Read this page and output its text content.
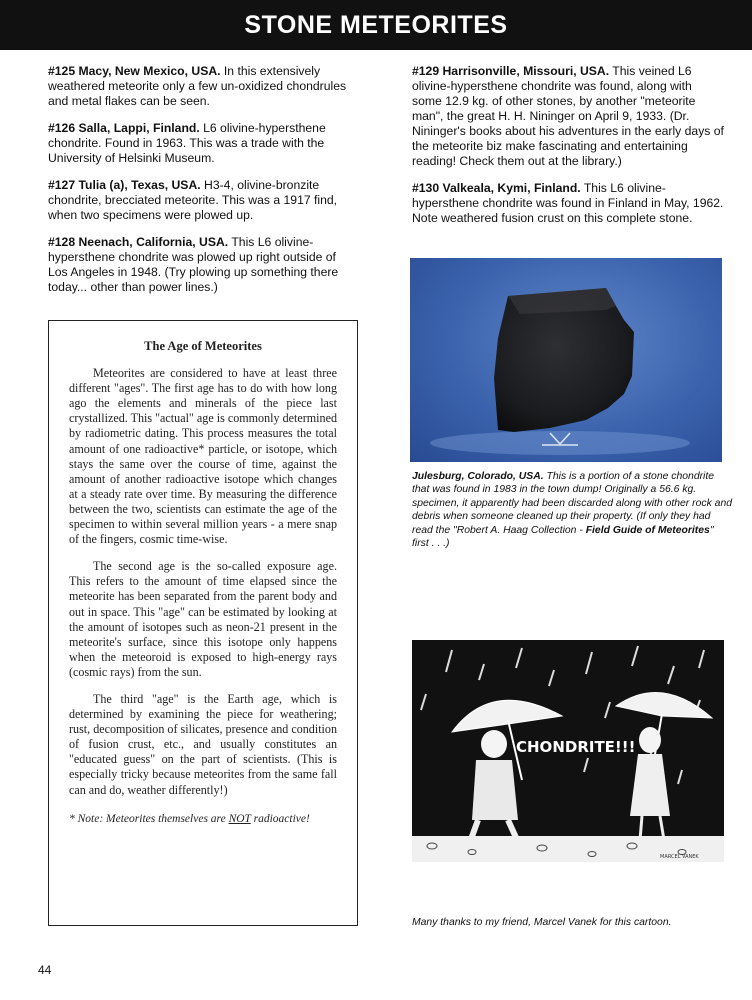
STONE METEORITES

#125 Macy, New Mexico, USA. In this extensively weathered meteorite only a few un-oxidized chondrules and metal flakes can be seen.

#126 Salla, Lappi, Finland. L6 olivine-hypersthene chondrite. Found in 1963. This was a trade with the University of Helsinki Museum.

#127 Tulia (a), Texas, USA. H3-4, olivine-bronzite chondrite, brecciated meteorite. This was a 1917 find, when two specimens were plowed up.

#128 Neenach, California, USA. This L6 olivine-hypersthene chondrite was plowed up right outside of Los Angeles in 1948. (Try plowing up something there today... other than power lines.)

#129 Harrisonville, Missouri, USA. This veined L6 olivine-hypersthene chondrite was found, along with some 12.9 kg. of other stones, by another "meteorite man", the great H. H. Nininger on April 9, 1933. (Dr. Nininger's books about his adventures in the early days of the meteorite biz make fascinating and entertaining reading! Check them out at the library.)

#130 Valkeala, Kymi, Finland. This L6 olivine-hypersthene chondrite was found in Finland in May, 1962. Note weathered fusion crust on this complete stone.

The Age of Meteorites

Meteorites are considered to have at least three different "ages". The first age has to do with how long ago the elements and minerals of the piece last crystallized. This "actual" age is commonly determined by radiometric dating. This process measures the total amount of one radioactive* particle, or isotope, which stays the same over the course of time, against the amount of another radioactive isotope which changes at a steady rate over time. By measuring the difference between the two, scientists can estimate the age of the specimen to within several million years - a mere snap of the fingers, cosmic time-wise.

The second age is the so-called exposure age. This refers to the amount of time elapsed since the meteorite has been separated from the parent body and out in space. This "age" can be estimated by looking at the amount of isotopes such as neon-21 present in the meteorite's surface, since this isotope only happens when the meteoroid is exposed to high-energy rays (cosmic rays) from the sun.

The third "age" is the Earth age, which is determined by examining the piece for weathering; rust, decomposition of silicates, presence and condition of fusion crust, etc., and usually constitutes an "educated guess" on the part of scientists. (This is especially tricky because meteorites from the same fall can and do, weather differently!)

* Note: Meteorites themselves are NOT radioactive!

Julesburg, Colorado, USA. This is a portion of a stone chondrite that was found in 1983 in the town dump! Originally a 56.6 kg. specimen, it apparently had been discarded along with other rock and debris when someone cleaned up their property. (If only they had read the "Robert A. Haag Collection - Field Guide of Meteorites" first . . .)
CHONDRITE!!!
MARCEL VANEK
Many thanks to my friend, Marcel Vanek for this cartoon.
44
